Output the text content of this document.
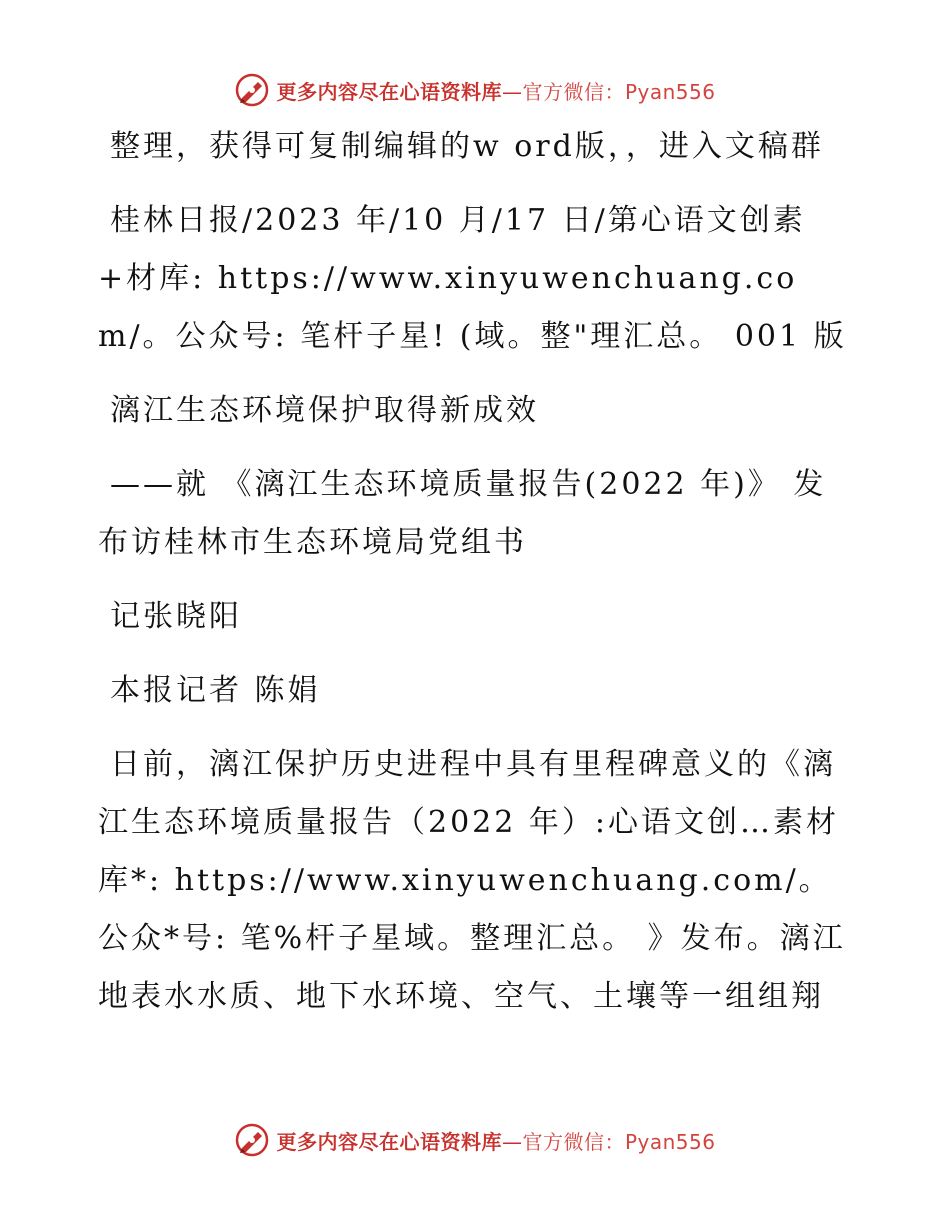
更多内容尽在心语资料库—官方微信：Pyan556

整理，获得可复制编辑的w ord版，，进入文稿群

桂林日报/2023 年/10 月/17 日/第心语文创素+材库: https://www.xinyuwenchuang.com/。公众号: 笔杆子星! (域。整"理汇总。 001 版

漓江生态环境保护取得新成效

——就 《漓江生态环境质量报告(2022 年)》 发布访桂林市生态环境局党组书

记张晓阳

本报记者 陈娟

日前，漓江保护历史进程中具有里程碑意义的《漓江生态环境质量报告（2022 年）:心语文创…素材库*: https://www.xinyuwenchuang.com/。公众*号: 笔%杆子星域。整理汇总。 》发布。漓江地表水水质、地下水环境、空气、土壤等一组组翔

更多内容尽在心语资料库—官方微信：Pyan556
